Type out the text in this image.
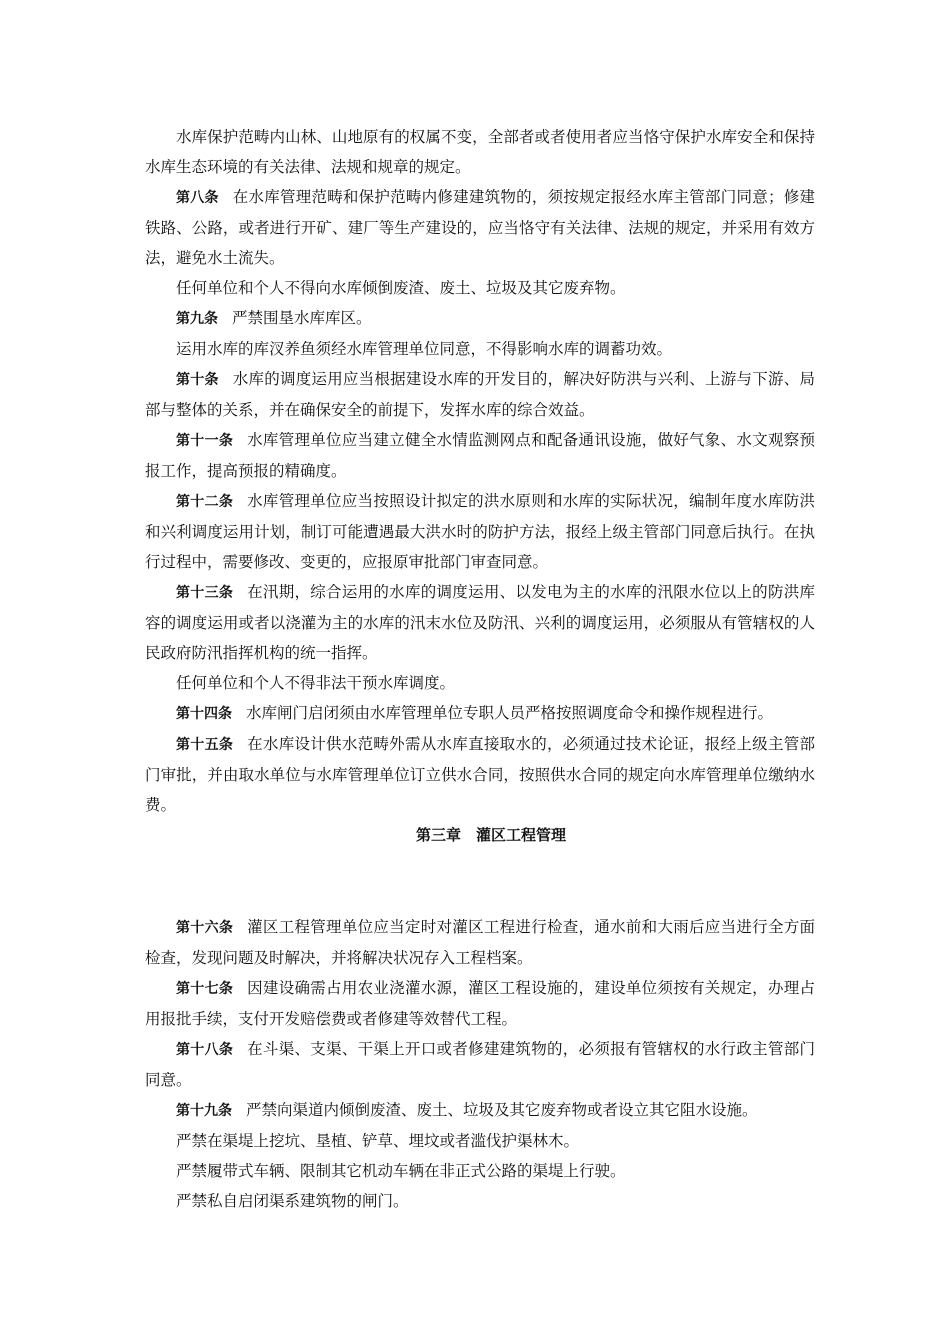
水库保护范畴内山林、山地原有的权属不变，全部者或者使用者应当恪守保护水库安全和保持水库生态环境的有关法律、法规和规章的规定。

第八条 在水库管理范畴和保护范畴内修建建筑物的，须按规定报经水库主管部门同意；修建铁路、公路，或者进行开矿、建厂等生产建设的，应当恪守有关法律、法规的规定，并采用有效方法，避免水土流失。

任何单位和个人不得向水库倾倒废渣、废土、垃圾及其它废弃物。

第九条 严禁围垦水库库区。

运用水库的库汊养鱼须经水库管理单位同意，不得影响水库的调蓄功效。

第十条 水库的调度运用应当根据建设水库的开发目的，解决好防洪与兴利、上游与下游、局部与整体的关系，并在确保安全的前提下，发挥水库的综合效益。

第十一条 水库管理单位应当建立健全水情监测网点和配备通讯设施，做好气象、水文观察预报工作，提高预报的精确度。

第十二条 水库管理单位应当按照设计拟定的洪水原则和水库的实际状况，编制年度水库防洪和兴利调度运用计划，制订可能遭遇最大洪水时的防护方法，报经上级主管部门同意后执行。在执行过程中，需要修改、变更的，应报原审批部门审查同意。

第十三条 在汛期，综合运用的水库的调度运用、以发电为主的水库的汛限水位以上的防洪库容的调度运用或者以浇灌为主的水库的汛末水位及防汛、兴利的调度运用，必须服从有管辖权的人民政府防汛指挥机构的统一指挥。

任何单位和个人不得非法干预水库调度。

第十四条 水库闸门启闭须由水库管理单位专职人员严格按照调度命令和操作规程进行。

第十五条 在水库设计供水范畴外需从水库直接取水的，必须通过技术论证，报经上级主管部门审批，并由取水单位与水库管理单位订立供水合同，按照供水合同的规定向水库管理单位缴纳水费。

第三章　灌区工程管理

第十六条 灌区工程管理单位应当定时对灌区工程进行检查，通水前和大雨后应当进行全方面检查，发现问题及时解决，并将解决状况存入工程档案。

第十七条 因建设确需占用农业浇灌水源，灌区工程设施的，建设单位须按有关规定，办理占用报批手续，支付开发赔偿费或者修建等效替代工程。

第十八条 在斗渠、支渠、干渠上开口或者修建建筑物的，必须报有管辖权的水行政主管部门同意。

第十九条 严禁向渠道内倾倒废渣、废土、垃圾及其它废弃物或者设立其它阻水设施。

严禁在渠堤上挖坑、垦植、铲草、埋坟或者滥伐护渠林木。

严禁履带式车辆、限制其它机动车辆在非正式公路的渠堤上行驶。

严禁私自启闭渠系建筑物的闸门。
